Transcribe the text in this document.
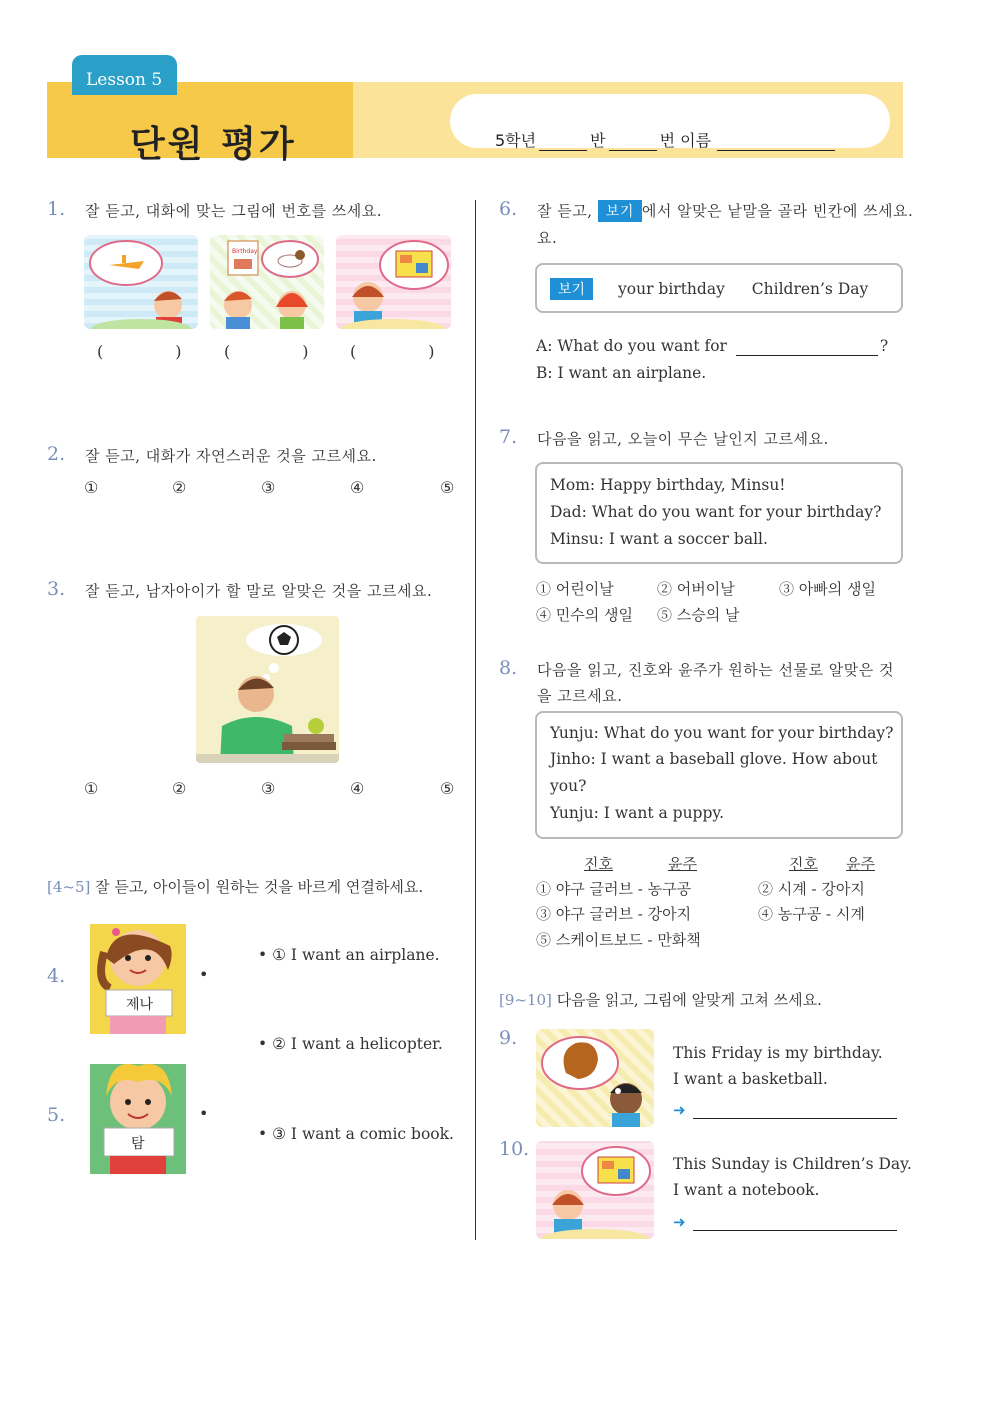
Lesson 5
단원 평가	5학년	반	번 이름
1. 잘 듣고, 대화에 맞는 그림에 번호를 쓰세요.
Birthday
(	)	(	)	(	)
2. 잘 듣고, 대화가 자연스러운 것을 고르세요.
①	②	③	④	⑤
3. 잘 듣고, 남자아이가 할 말로 알맞은 것을 고르세요.
①	②	③	④	⑤
[4~5] 잘 듣고, 아이들이 원하는 것을 바르게 연결하세요.
4.
제나
•
5.
탐
•
• ① I want an airplane.
• ② I want a helicopter.
• ③ I want a comic book.
6. 잘 듣고, 보기 에서 알맞은 낱말을 골라 빈칸에 쓰세요.
요.
보기 your birthday Children’s Day
A: What do you want for	?
B: I want an airplane.
7. 다음을 읽고, 오늘이 무슨 날인지 고르세요.
Mom: Happy birthday, Minsu!
Dad: What do you want for your birthday?
Minsu: I want a soccer ball.
① 어린이날	② 어버이날	③ 아빠의 생일
④ 민수의 생일 ⑤ 스승의 날
8. 다음을 읽고, 진호와 윤주가 원하는 선물로 알맞은 것
을 고르세요.
Yunju: What do you want for your birthday?
Jinho: I want a baseball glove. How about
you?
Yunju: I want a puppy.
진호	윤주	진호 윤주
① 야구 글러브 - 농구공	② 시계 - 강아지
③ 야구 글러브 - 강아지	④ 농구공 - 시계
⑤ 스케이트보드 - 만화책
[9~10] 다음을 읽고, 그림에 알맞게 고쳐 쓰세요.
9.
This Friday is my birthday.
I want a basketball.
➜
10.
This Sunday is Children’s Day.
I want a notebook.
➜
